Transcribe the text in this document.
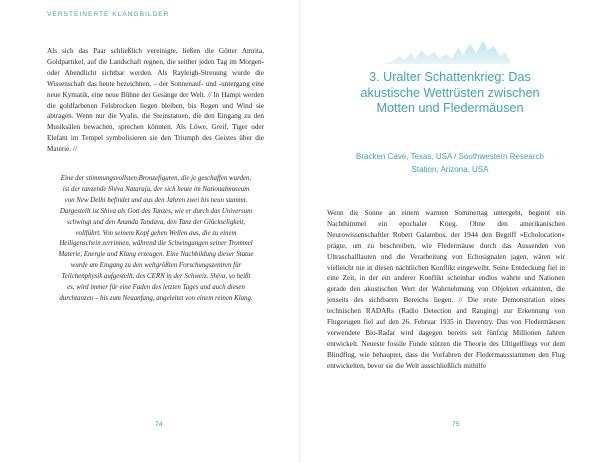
VERSTEINERTE KLANGBILDER
Als sich das Paar schließlich vereinigte, ließen die Götter Amrita, Goldpartikel, auf die Landschaft regnen, die seither jeden Tag im Morgen- oder Abendlicht sichtbar werden. Als Rayleigh-Streuung wurde die Wissenschaft das heute bezeichnen, – der Sonnenauf- und -untergang eine neue Kymatik, eine neue Bühne der Gesänge der Welt. // In Hampi werden die goldfarbenen Felsbrocken liegen bleiben, bis Regen und Wind sie abtragen. Wenn nur die Vyalis, die Steinstatuen, die den Eingang zu den Musiksälen bewachen, sprechen könnten. Als Löwe, Greif, Tiger oder Elefant im Tempel symbolisieren sie den Triumph des Geistes über die Materie. //
Eine der stimmungsvollsten Bronzefiguren, die je geschaffen wurden, ist der tanzende Shiva Nataraja, der sich heute im Nationalmuseum von New Delhi befindet und aus den Jahren zwei bis neun stammt. Dargestellt ist Shiva als Gott des Tanzes, wie er durch das Universum schwingt und den Ananda Tandava, den Tanz der Glückseligkeit, vollführt. Von seinem Kopf gehen Wellen aus, die zu einem Heiligenschein zerrinnen, während die Schwingungen seiner Trommel Materie, Energie und Klang erzeugen. Eine Nachbildung dieser Statue wurde am Eingang zu den weltgrößten Forschungszentren für Teilchenphysik aufgestellt, des CERN in der Schweiz. Shiva, so heißt es, wird immer für eine Faden des letzten Tages und auch diesen durchtanzen – bis zum Neuanfang, angeleitet von einem reinen Klang.
74
3. Uralter Schattenkrieg: Das akustische Wettrüsten zwischen Motten und Fledermäusen
Bracken Cave, Texas, USA / Southwestern Research Station, Arizona, USA
Wenn die Sonne an einem warmen Sommertag untergeht, beginnt ein Nachthimmel ein epochaler Krieg. Ohne den amerikanischen Neurowissenschaftler Robert Galambos, der 1944 den Begriff »Echolocation« prägte, um zu beschreiben, wie Fledermäuse durch das Aussenden von Ultraschalllauten und die Verarbeitung von Echosignalen jagen, wären wir vielleicht nie in diesen nächtlichen Konflikt eingeweiht. Seine Entdeckung fiel in eine Zeit, in der ein anderer Konflikt scheinbar endlos wahrte und Nationen gerade den akustischen Wert der Wahrnehmung von Objekten erkannten, die jenseits des sichtbaren Bereichs liegen. // Die erste Demonstration eines technischen RADARs (Radio Detection and Ranging) zur Erkennung von Flugzeugen fiel auf den 26. Februar 1935 in Daventry. Das von Fledermäusen verwendete Bio-Radar wird dagegen bereits seit fünfzig Millionen Jahren entwickelt. Neueste fossile Funde stützen die Theorie des Ultigelfliegs vor dem Blindflug, wie behauptet, dass die Vorfahren der Fledermausstammen den Flug entwickelten, bevor sie die Welt ausschließlich mithilfe
75
